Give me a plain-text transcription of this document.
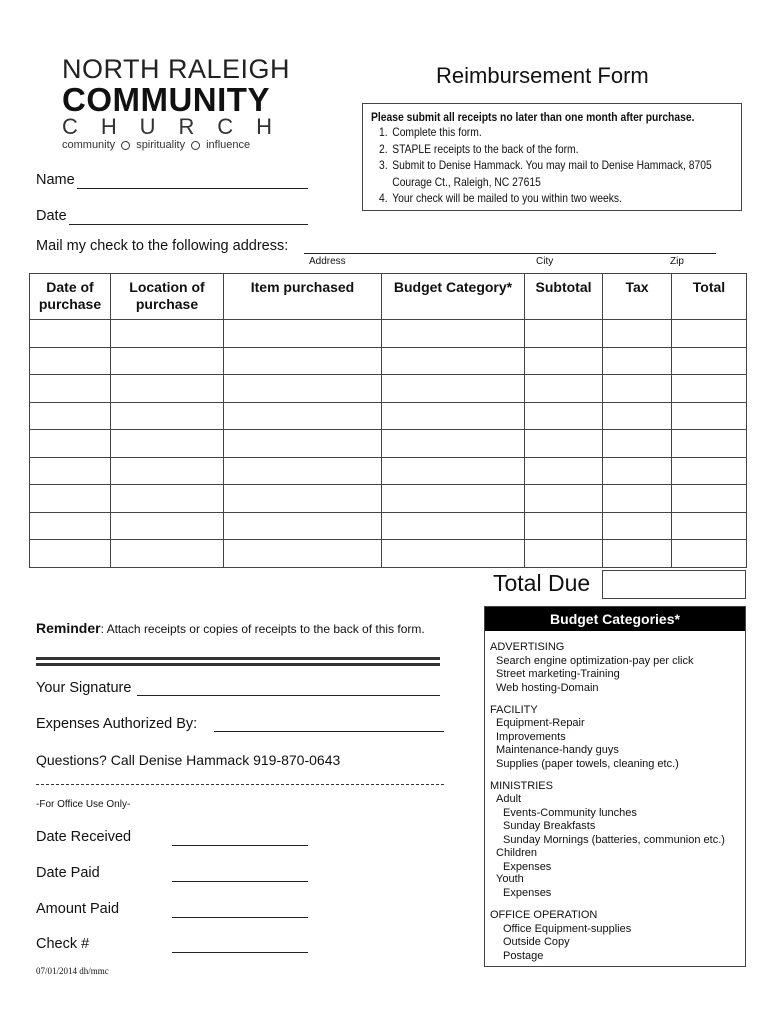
NORTH RALEIGH
COMMUNITY
C H U R C H
community spirituality influence
Reimbursement Form
Please submit all receipts no later than one month after purchase.
1. Complete this form.
2. STAPLE receipts to the back of the form.
3. Submit to Denise Hammack. You may mail to Denise Hammack, 8705 Courage Ct., Raleigh, NC 27615
4. Your check will be mailed to you within two weeks.
Name
Date
Mail my check to the following address:
Address	City	Zip
Date of purchase	Location of purchase	Item purchased	Budget Category*	Subtotal	Tax	Total

Total Due
Reminder: Attach receipts or copies of receipts to the back of this form.
Your Signature
Expenses Authorized By:
Questions? Call Denise Hammack 919-870-0643
-For Office Use Only-
Date Received
Date Paid
Amount Paid
Check #
Budget Categories*
ADVERTISING
Search engine optimization-pay per click
Street marketing-Training
Web hosting-Domain
FACILITY
Equipment-Repair
Improvements
Maintenance-handy guys
Supplies (paper towels, cleaning etc.)
MINISTRIES
Adult
Events-Community lunches
Sunday Breakfasts
Sunday Mornings (batteries, communion etc.)
Children
Expenses
Youth
Expenses
OFFICE OPERATION
Office Equipment-supplies
Outside Copy
Postage
07/01/2014 dh/mmc
